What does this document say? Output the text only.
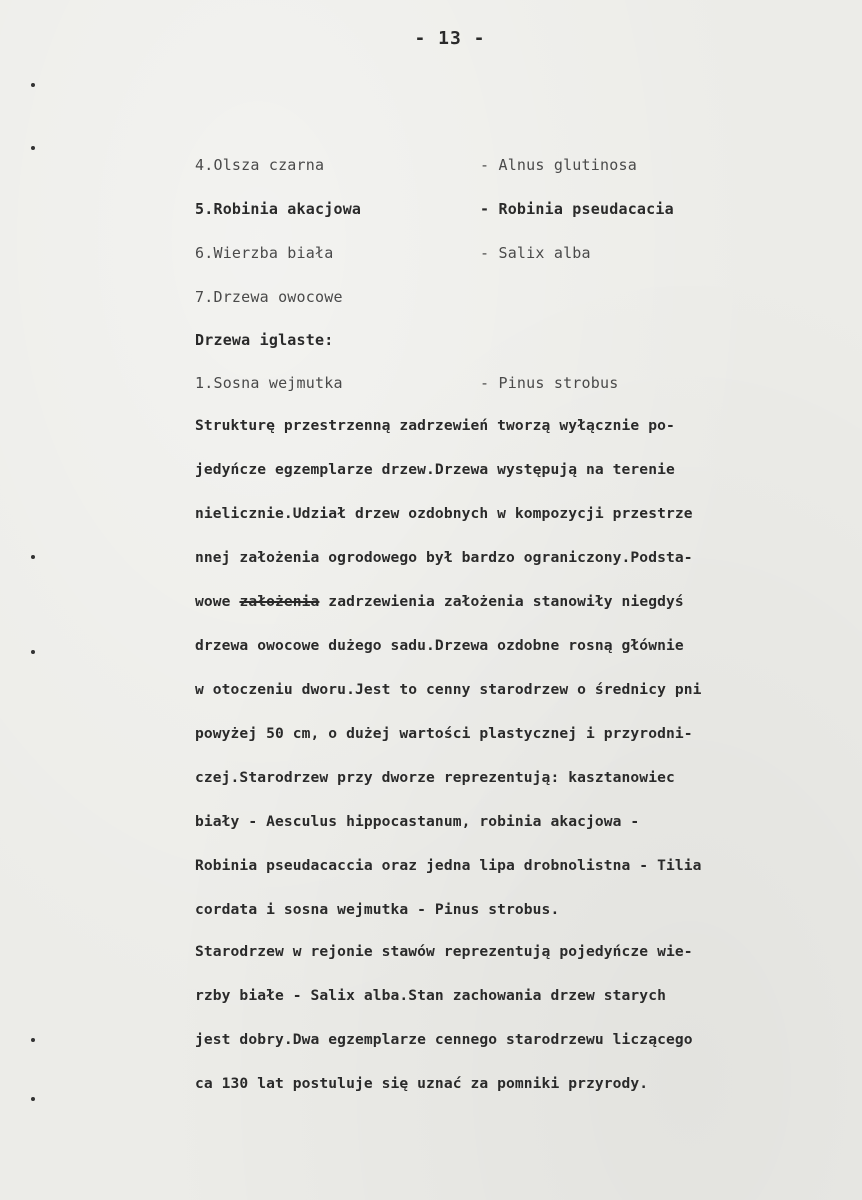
- 13 -
4.Olsza czarna	- Alnus glutinosa
5.Robinia akacjowa	- Robinia pseudacacia
6.Wierzba biała	- Salix alba
7.Drzewa owocowe
Drzewa iglaste:
1.Sosna wejmutka	- Pinus strobus
Strukturę przestrzenną zadrzewień tworzą wyłącznie po-
jedyńcze egzemplarze drzew.Drzewa występują na terenie
nielicznie.Udział drzew ozdobnych w kompozycji przestrze
nnej założenia ogrodowego był bardzo ograniczony.Podsta-
wowe założenia zadrzewienia założenia stanowiły niegdyś
drzewa owocowe dużego sadu.Drzewa ozdobne rosną głównie
w otoczeniu dworu.Jest to cenny starodrzew o średnicy pni
powyżej 50 cm, o dużej wartości plastycznej i przyrodni-
czej.Starodrzew przy dworze reprezentują: kasztanowiec
biały - Aesculus hippocastanum, robinia akacjowa -
Robinia pseudacaccia oraz jedna lipa drobnolistna - Tilia
cordata i sosna wejmutka - Pinus strobus.
Starodrzew w rejonie stawów reprezentują pojedyńcze wie-
rzby białe - Salix alba.Stan zachowania drzew starych
jest dobry.Dwa egzemplarze cennego starodrzewu liczącego
ca 130 lat postuluje się uznać za pomniki przyrody.
